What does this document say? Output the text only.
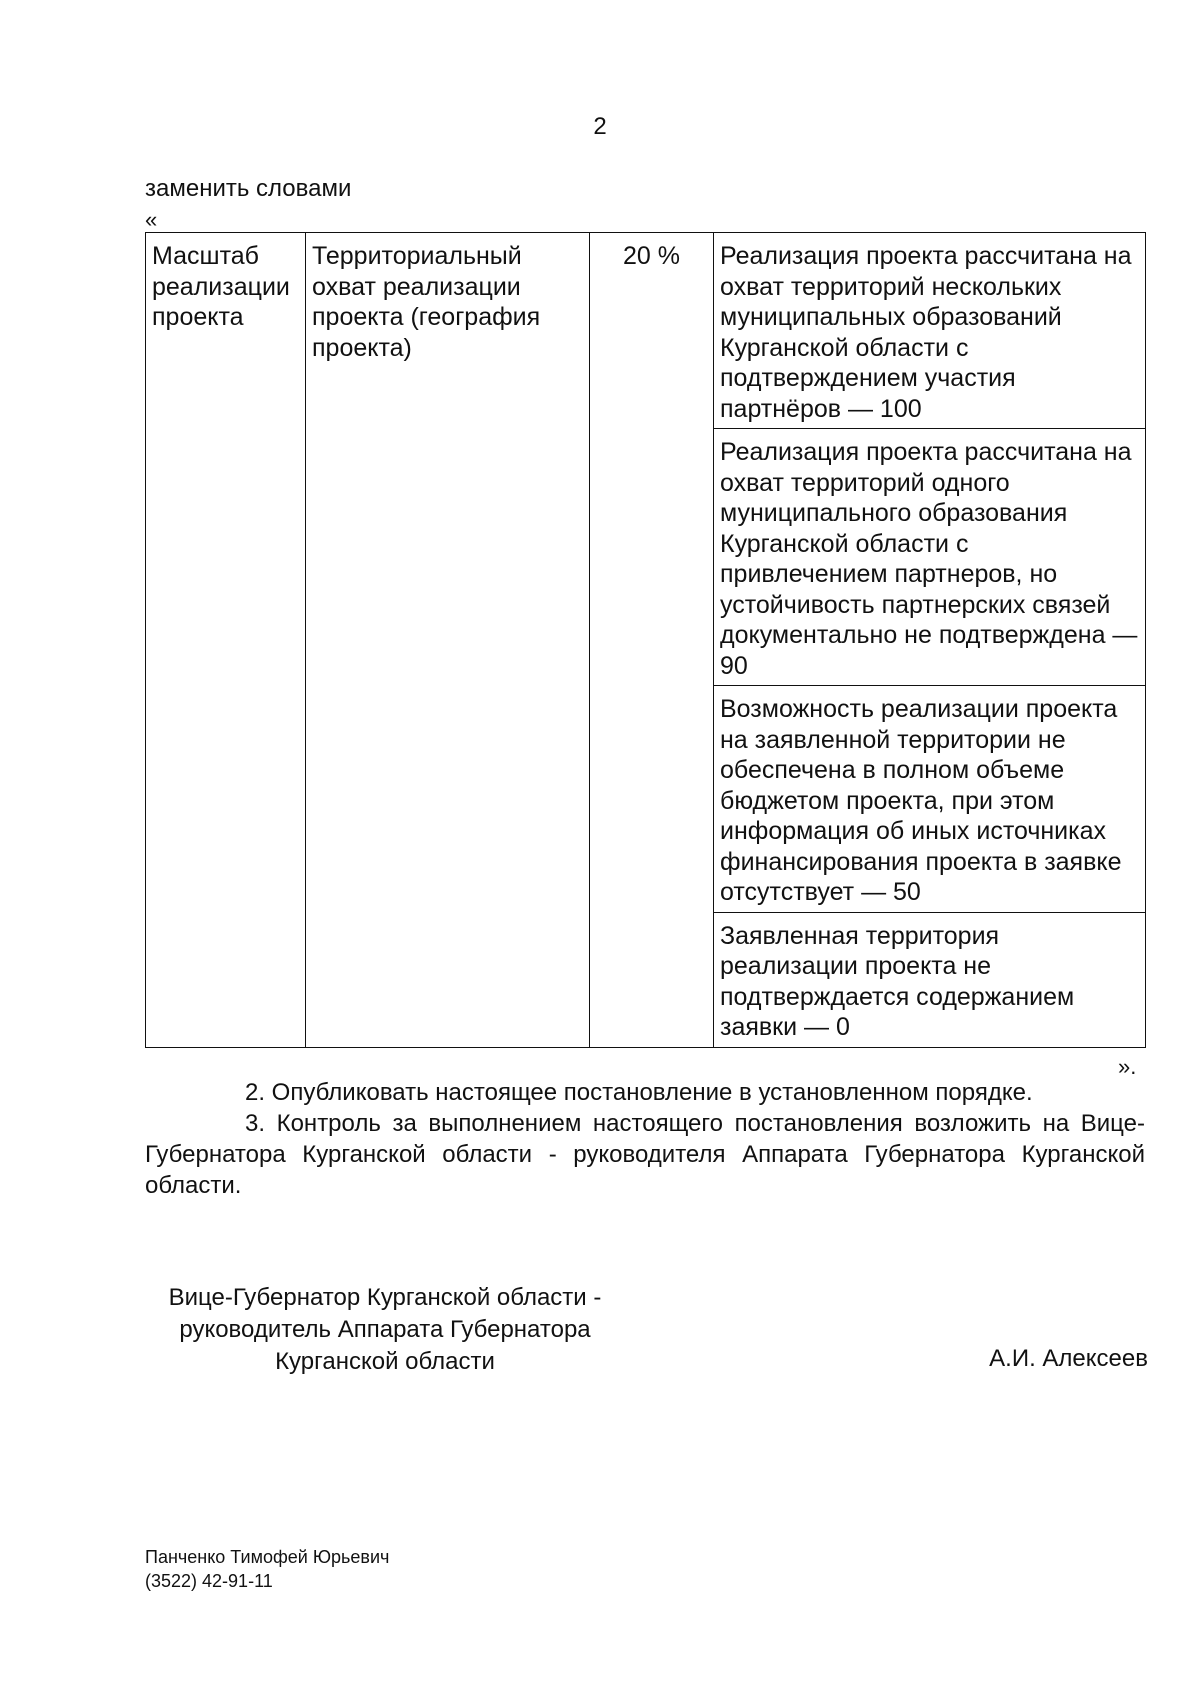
2
заменить словами
«
Масштаб реализации проекта	Территориальный охват реализации проекта (география проекта)	20 %	Реализация проекта рассчитана на охват территорий нескольких муниципальных образований Курганской области с подтверждением участия партнёров — 100
Реализация проекта рассчитана на охват территорий одного муниципального образования Курганской области с привлечением партнеров, но устойчивость партнерских связей документально не подтверждена — 90
Возможность реализации проекта на заявленной территории не обеспечена в полном объеме бюджетом проекта, при этом информация об иных источниках финансирования проекта в заявке отсутствует — 50
Заявленная территория реализации проекта не подтверждается содержанием заявки — 0
».

2. Опубликовать настоящее постановление в установленном порядке.

3. Контроль за выполнением настоящего постановления возложить на Вице-Губернатора Курганской области - руководителя Аппарата Губернатора Курганской области.

Вице-Губернатор Курганской области -
руководитель Аппарата Губернатора
Курганской области	А.И. Алексеев
Панченко Тимофей Юрьевич
(3522) 42-91-11
